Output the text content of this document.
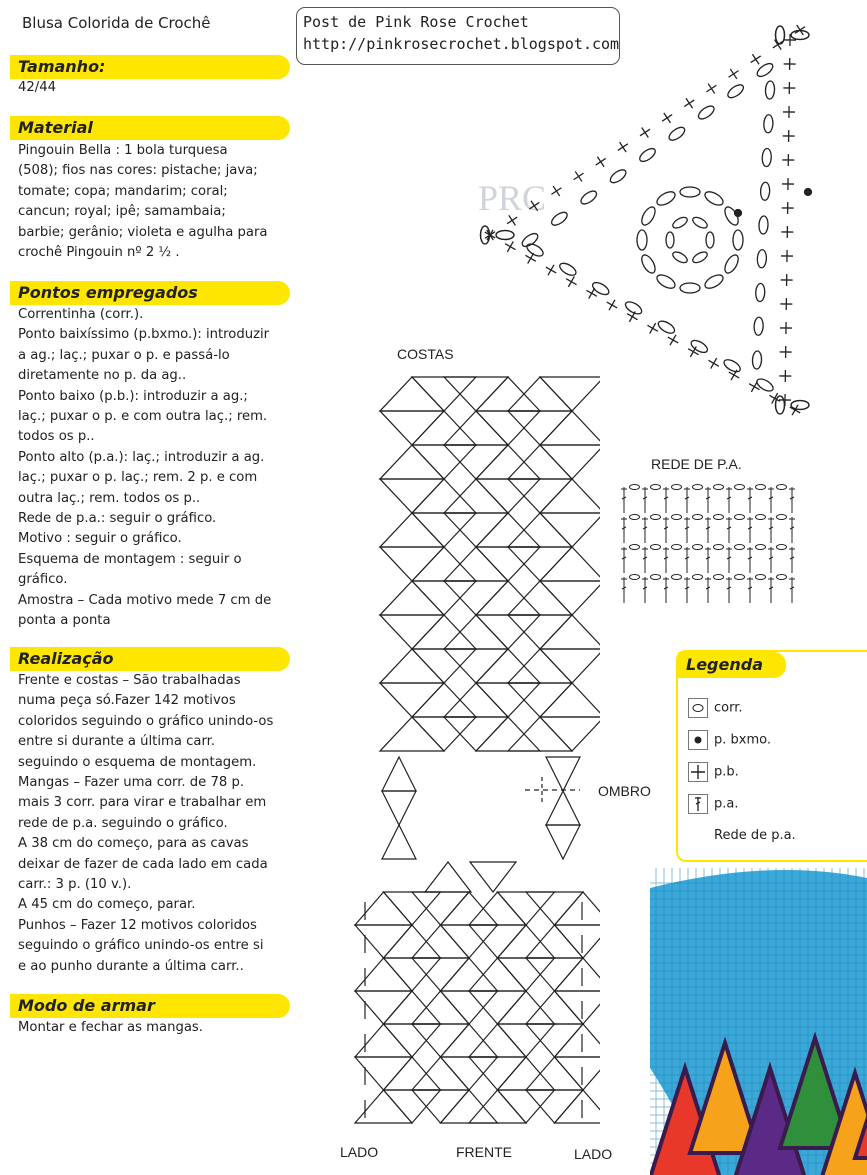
Blusa Colorida de Crochê	Post de Pink Rose Crochet
http://pinkrosecrochet.blogspot.com
Tamanho:
42/44
Material
Pingouin Bella : 1 bola turquesa
(508); fios nas cores: pistache; java;
tomate; copa; mandarim; coral;
cancun; royal; ipê; samambaia;
barbie; gerânio; violeta e agulha para
crochê Pingouin nº 2 ½ .
Pontos empregados
Correntinha (corr.).
Ponto baixíssimo (p.bxmo.): introduzir
a ag.; laç.; puxar o p. e passá-lo
diretamente no p. da ag..
Ponto baixo (p.b.): introduzir a ag.;
laç.; puxar o p. e com outra laç.; rem.
todos os p..
Ponto alto (p.a.): laç.; introduzir a ag.
laç.; puxar o p. laç.; rem. 2 p. e com
outra laç.; rem. todos os p..
Rede de p.a.: seguir o gráfico.
Motivo : seguir o gráfico.
Esquema de montagem : seguir o
gráfico.
Amostra – Cada motivo mede 7 cm de
ponta a ponta
Realização
Frente e costas – São trabalhadas
numa peça só.Fazer 142 motivos
coloridos seguindo o gráfico unindo-os
entre si durante a última carr.
seguindo o esquema de montagem.
Mangas – Fazer uma corr. de 78 p.
mais 3 corr. para virar e trabalhar em
rede de p.a. seguindo o gráfico.
A 38 cm do começo, para as cavas
deixar de fazer de cada lado em cada
carr.: 3 p. (10 v.).
A 45 cm do começo, parar.
Punhos – Fazer 12 motivos coloridos
seguindo o gráfico unindo-os entre si
e ao punho durante a última carr..
Modo de armar
Montar e fechar as mangas.
PRC
COSTAS
OMBRO
LADO	FRENTE	LADO
REDE DE P.A.
Legenda
corr.
p. bxmo.
p.b.
p.a.
Rede de p.a.
